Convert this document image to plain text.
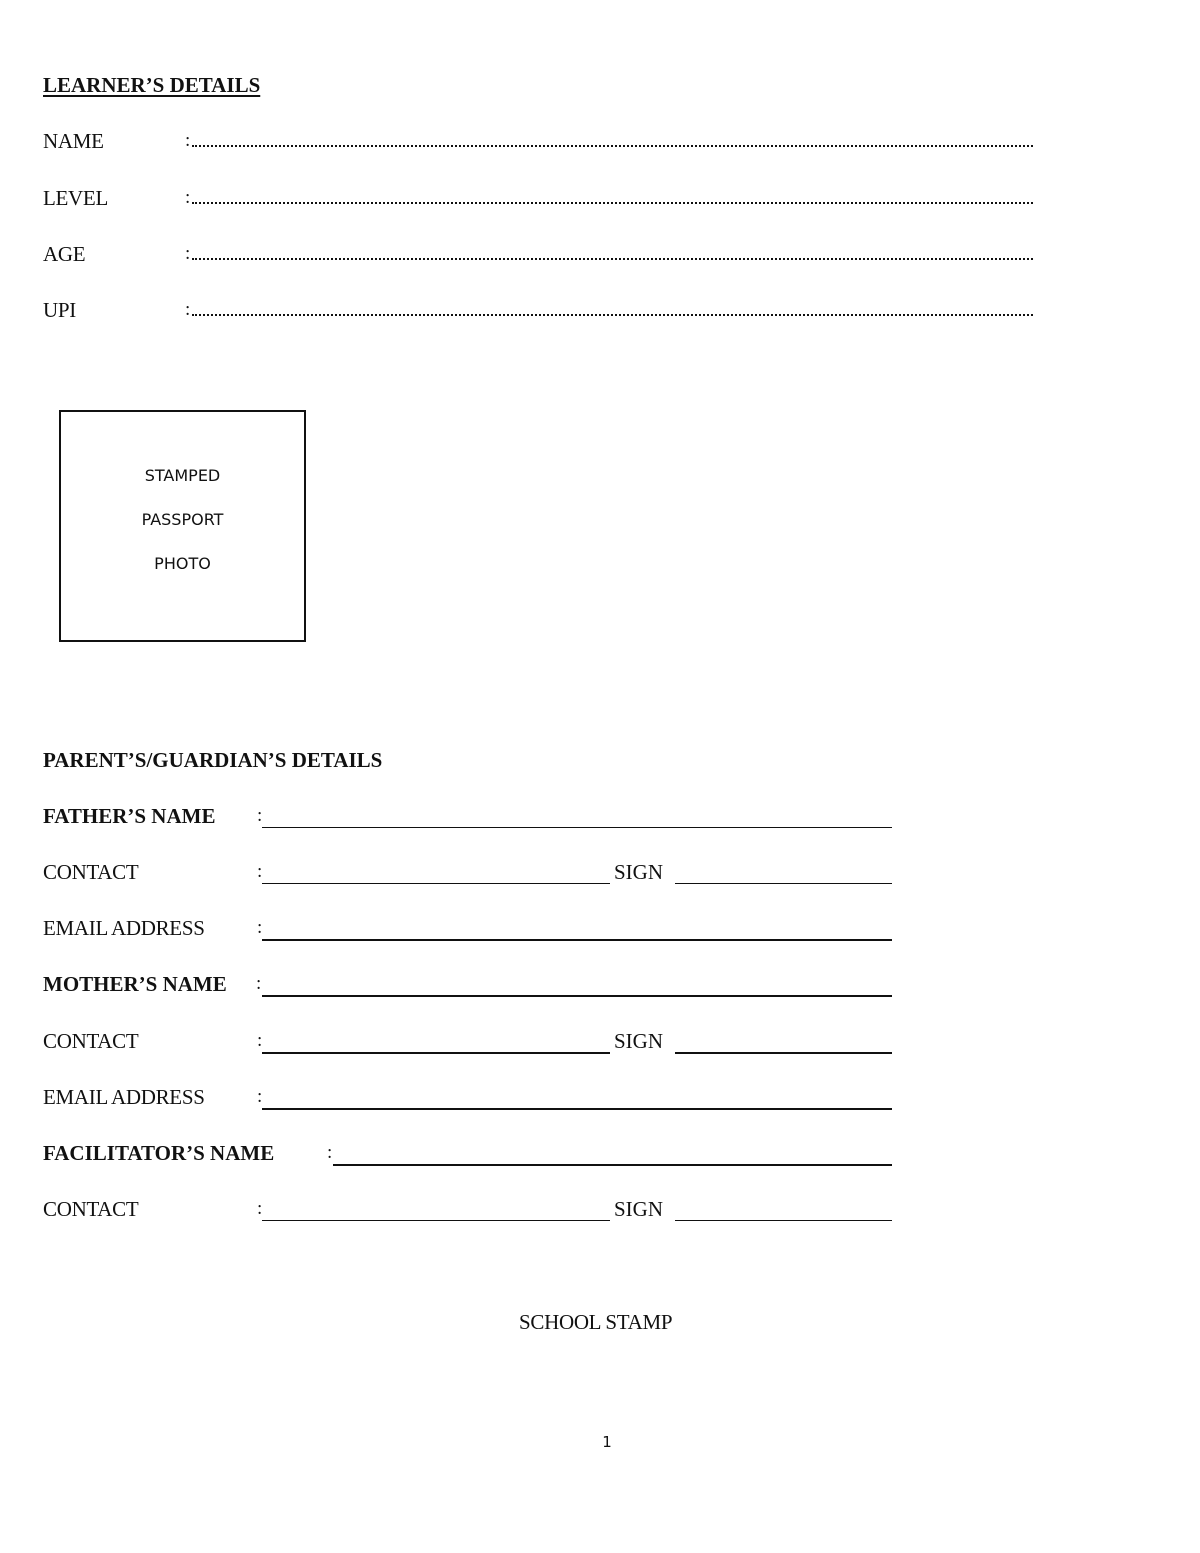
LEARNER’S DETAILS
NAME	:
LEVEL	:
AGE	:
UPI	:
STAMPED
PASSPORT
PHOTO
PARENT’S/GUARDIAN’S DETAILS
FATHER’S NAME :
CONTACT	:	SIGN
EMAIL ADDRESS	:
MOTHER’S NAME :
CONTACT	:	SIGN
EMAIL ADDRESS	:
FACILITATOR’S NAME	:
CONTACT	:	SIGN
SCHOOL STAMP
1
